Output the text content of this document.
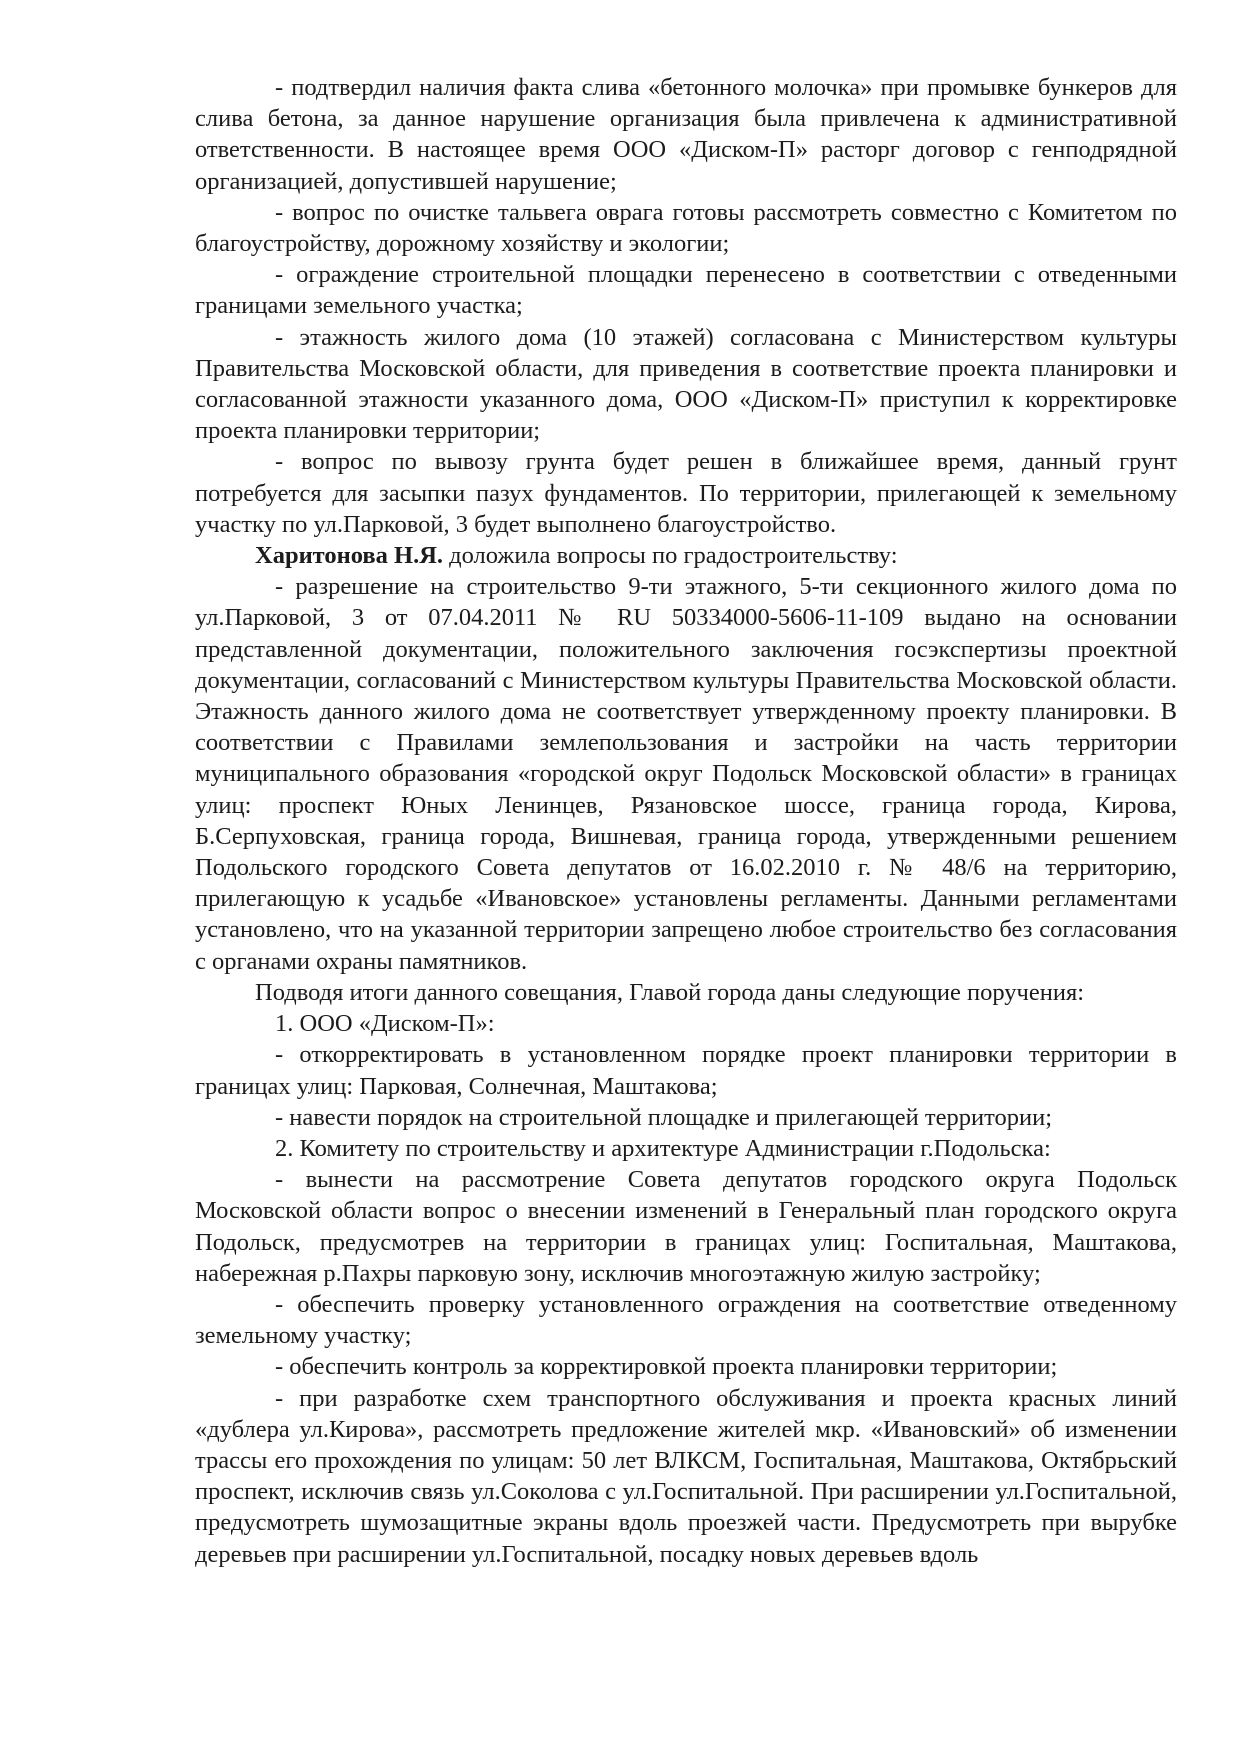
- подтвердил наличия факта слива «бетонного молочка» при промывке бункеров для слива бетона, за данное нарушение организация была привлечена к административной ответственности. В настоящее время ООО «Диском-П» расторг договор с генподрядной организацией, допустившей нарушение;

- вопрос по очистке тальвега оврага готовы рассмотреть совместно с Комитетом по благоустройству, дорожному хозяйству и экологии;

- ограждение строительной площадки перенесено в соответствии с отведенными границами земельного участка;

- этажность жилого дома (10 этажей) согласована с Министерством культуры Правительства Московской области, для приведения в соответствие проекта планировки и согласованной этажности указанного дома, ООО «Диском-П» приступил к корректировке проекта планировки территории;

- вопрос по вывозу грунта будет решен в ближайшее время, данный грунт потребуется для засыпки пазух фундаментов. По территории, прилегающей к земельному участку по ул.Парковой, 3 будет выполнено благоустройство.

Харитонова Н.Я. доложила вопросы по градостроительству:

- разрешение на строительство 9-ти этажного, 5-ти секционного жилого дома по ул.Парковой, 3 от 07.04.2011 № RU 50334000-5606-11-109 выдано на основании представленной документации, положительного заключения госэкспертизы проектной документации, согласований с Министерством культуры Правительства Московской области. Этажность данного жилого дома не соответствует утвержденному проекту планировки. В соответствии с Правилами землепользования и застройки на часть территории муниципального образования «городской округ Подольск Московской области» в границах улиц: проспект Юных Ленинцев, Рязановское шоссе, граница города, Кирова, Б.Серпуховская, граница города, Вишневая, граница города, утвержденными решением Подольского городского Совета депутатов от 16.02.2010 г. № 48/6 на территорию, прилегающую к усадьбе «Ивановское» установлены регламенты. Данными регламентами установлено, что на указанной территории запрещено любое строительство без согласования с органами охраны памятников.

Подводя итоги данного совещания, Главой города даны следующие поручения:

1. ООО «Диском-П»:

- откорректировать в установленном порядке проект планировки территории в границах улиц: Парковая, Солнечная, Маштакова;

- навести порядок на строительной площадке и прилегающей территории;

2. Комитету по строительству и архитектуре Администрации г.Подольска:

- вынести на рассмотрение Совета депутатов городского округа Подольск Московской области вопрос о внесении изменений в Генеральный план городского округа Подольск, предусмотрев на территории в границах улиц: Госпитальная, Маштакова, набережная р.Пахры парковую зону, исключив многоэтажную жилую застройку;

- обеспечить проверку установленного ограждения на соответствие отведенному земельному участку;

- обеспечить контроль за корректировкой проекта планировки территории;

- при разработке схем транспортного обслуживания и проекта красных линий «дублера ул.Кирова», рассмотреть предложение жителей мкр. «Ивановский» об изменении трассы его прохождения по улицам: 50 лет ВЛКСМ, Госпитальная, Маштакова, Октябрьский проспект, исключив связь ул.Соколова с ул.Госпитальной. При расширении ул.Госпитальной, предусмотреть шумозащитные экраны вдоль проезжей части. Предусмотреть при вырубке деревьев при расширении ул.Госпитальной, посадку новых деревьев вдоль
